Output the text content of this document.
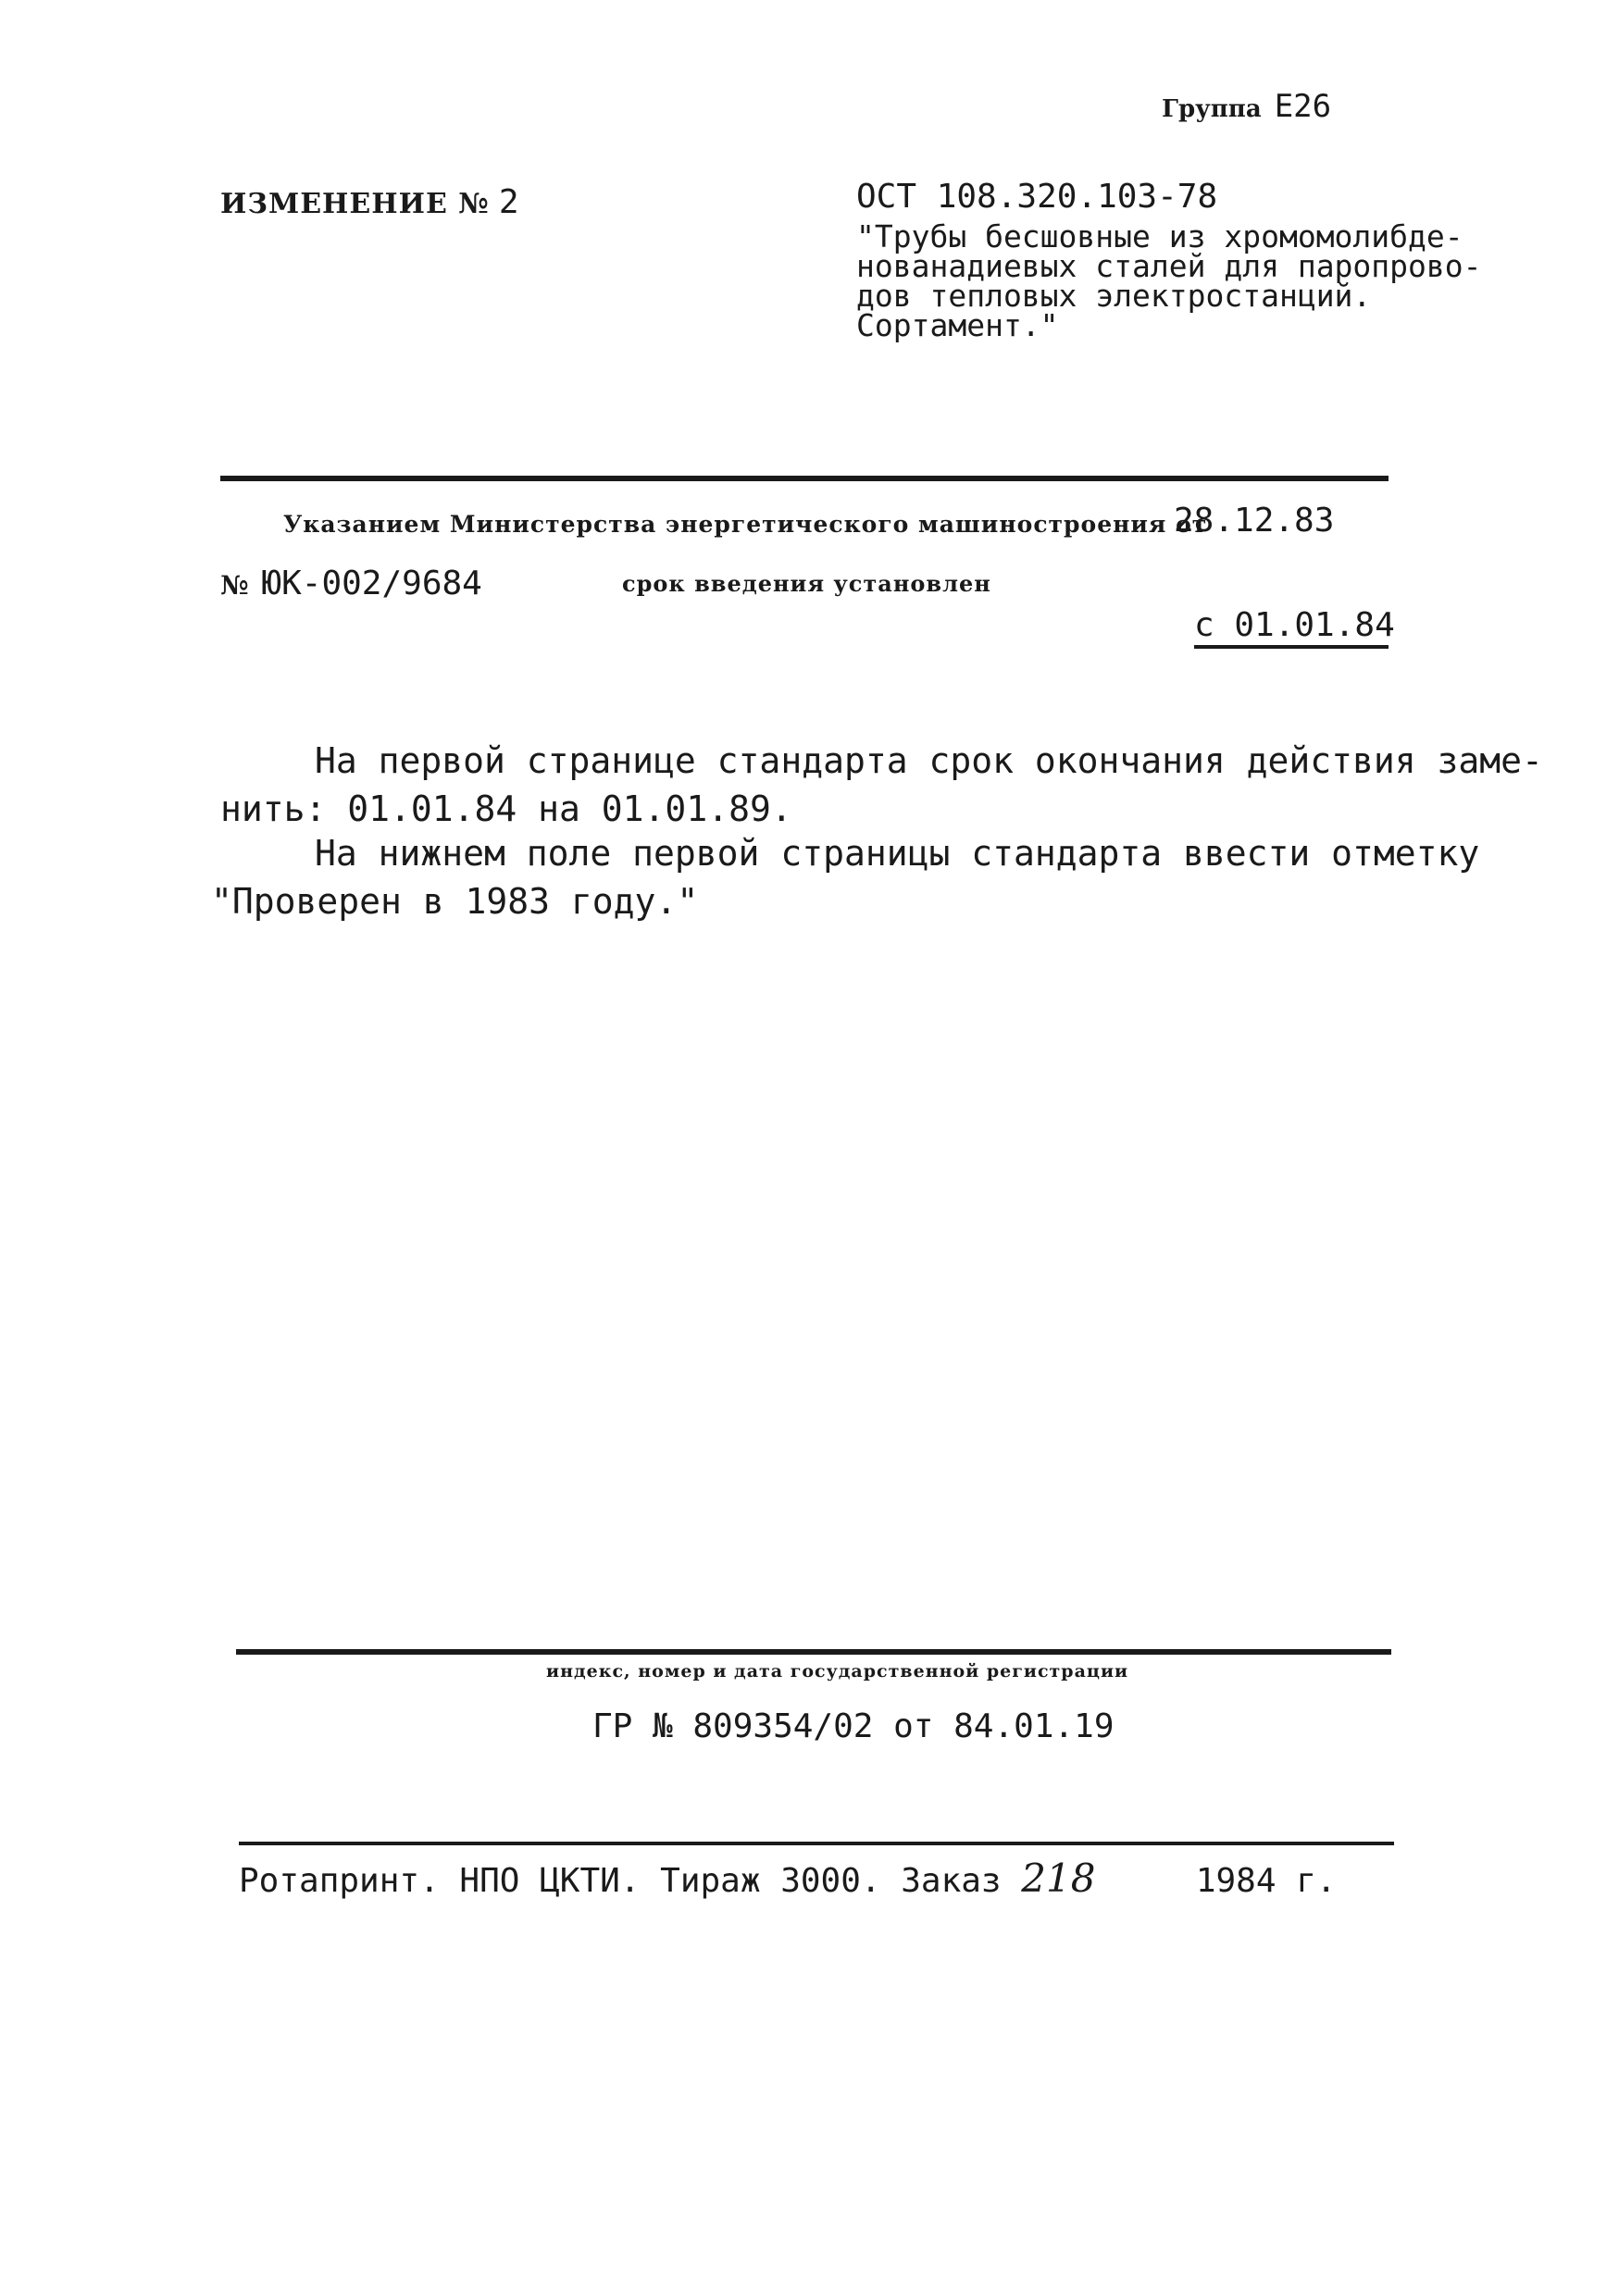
Группа Е26
ИЗМЕНЕНИЕ № 2	ОСТ 108.320.103-78
"Трубы бесшовные из хромомолибде-
нованадиевых сталей для паропрово-
дов тепловых электростанций.
Сортамент."
Указанием Министерства энергетического машиностроения от
28.12.83
№ ЮК-002/9684	срок введения установлен
с 01.01.84
На первой странице стандарта срок окончания действия заме-
нить: 01.01.84 на 01.01.89.
На нижнем поле первой страницы стандарта ввести отметку
"Проверен в 1983 году."
индекс, номер и дата государственной регистрации
ГР № 809354/02 от 84.01.19
Ротапринт. НПО ЦКТИ. Тираж 3000. Заказ 218     1984 г.
